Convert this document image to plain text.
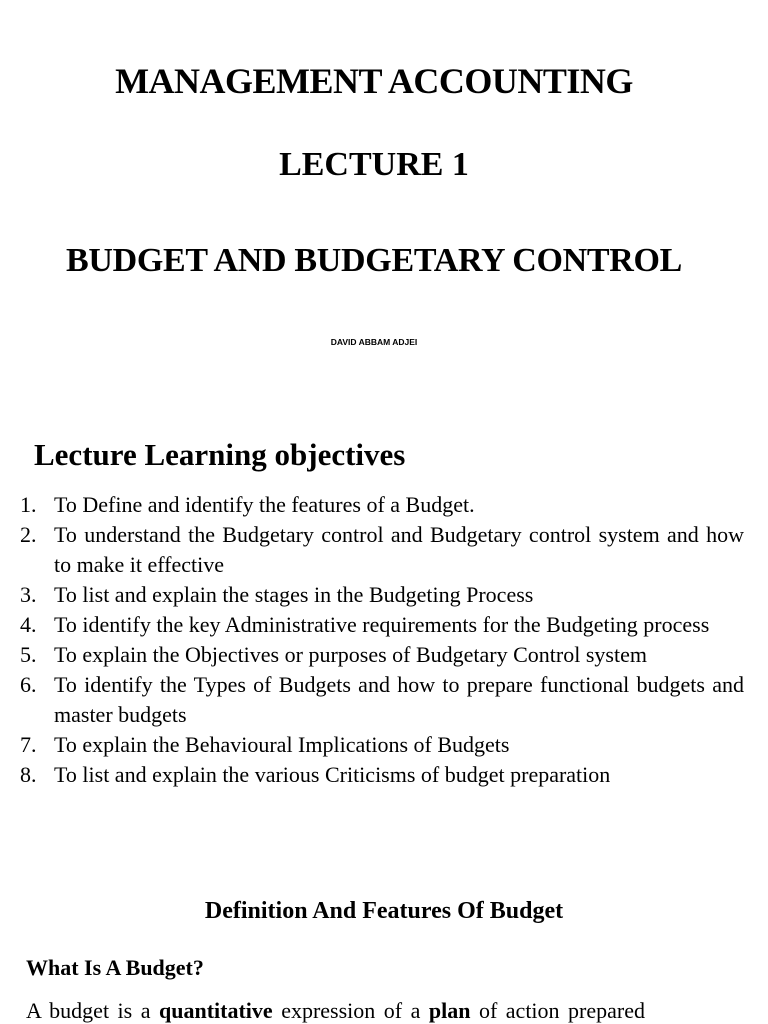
MANAGEMENT ACCOUNTING
LECTURE 1
BUDGET AND BUDGETARY CONTROL
DAVID ABBAM ADJEI
Lecture Learning objectives
1. To Define and identify the features of a Budget.
2. To understand the Budgetary control and Budgetary control system and how to make it effective
3. To list and explain the stages in the Budgeting Process
4. To identify the key Administrative requirements for the Budgeting process
5. To explain the Objectives or purposes of Budgetary Control system
6. To identify the Types of Budgets and how to prepare functional budgets and master budgets
7. To explain the Behavioural Implications of Budgets
8. To list and explain the various Criticisms of budget preparation
Definition And Features Of Budget
What Is A Budget?
A budget is a quantitative expression of a plan of action prepared
